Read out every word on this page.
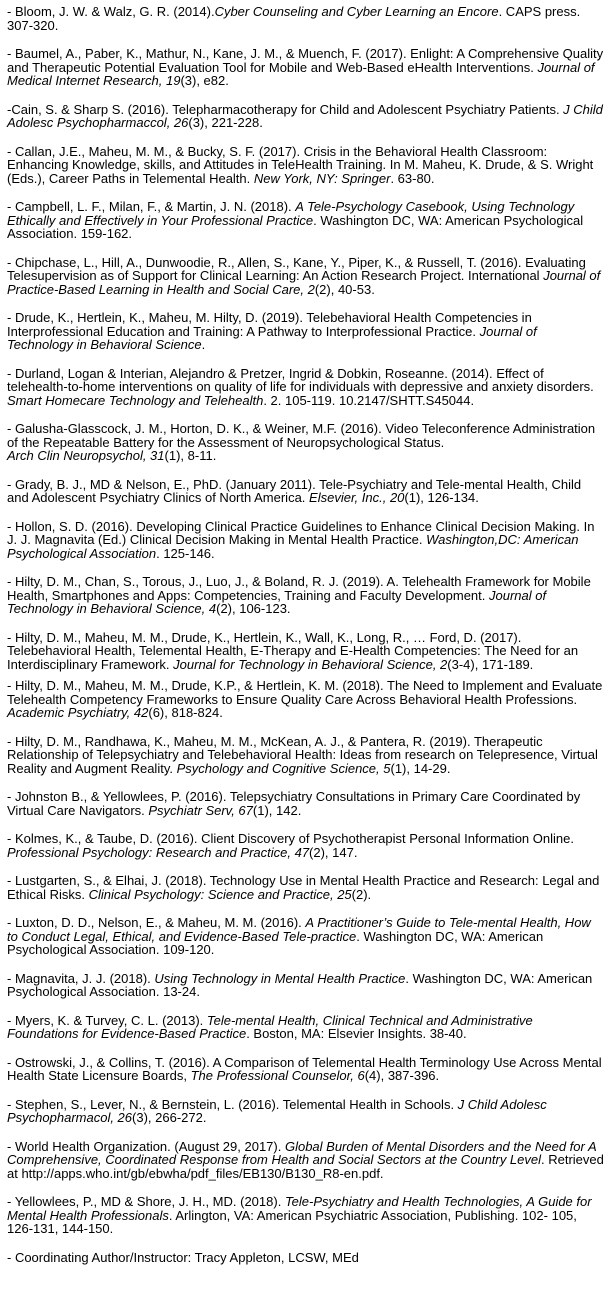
- Bloom, J. W. & Walz, G. R. (2014).Cyber Counseling and Cyber Learning an Encore. CAPS press. 307-320.

- Baumel, A., Paber, K., Mathur, N., Kane, J. M., & Muench, F. (2017). Enlight: A Comprehensive Quality and Therapeutic Potential Evaluation Tool for Mobile and Web-Based eHealth Interventions. Journal of Medical Internet Research, 19(3), e82.

-Cain, S. & Sharp S. (2016). Telepharmacotherapy for Child and Adolescent Psychiatry Patients. J Child Adolesc Psychopharmaccol, 26(3), 221-228.

- Callan, J.E., Maheu, M. M., & Bucky, S. F. (2017). Crisis in the Behavioral Health Classroom: Enhancing Knowledge, skills, and Attitudes in TeleHealth Training. In M. Maheu, K. Drude, & S. Wright (Eds.), Career Paths in Telemental Health. New York, NY: Springer. 63-80.

- Campbell, L. F., Milan, F., & Martin, J. N. (2018). A Tele-Psychology Casebook, Using Technology Ethically and Effectively in Your Professional Practice. Washington DC, WA: American Psychological Association. 159-162.

- Chipchase, L., Hill, A., Dunwoodie, R., Allen, S., Kane, Y., Piper, K., & Russell, T. (2016). Evaluating Telesupervision as of Support for Clinical Learning: An Action Research Project. International Journal of Practice-Based Learning in Health and Social Care, 2(2), 40-53.

- Drude, K., Hertlein, K., Maheu, M. Hilty, D. (2019). Telebehavioral Health Competencies in Interprofessional Education and Training: A Pathway to Interprofessional Practice. Journal of Technology in Behavioral Science.

- Durland, Logan & Interian, Alejandro & Pretzer, Ingrid & Dobkin, Roseanne. (2014). Effect of telehealth-to-home interventions on quality of life for individuals with depressive and anxiety disorders. Smart Homecare Technology and Telehealth. 2. 105-119. 10.2147/SHTT.S45044.

- Galusha-Glasscock, J. M., Horton, D. K., & Weiner, M.F. (2016). Video Teleconference Administration of the Repeatable Battery for the Assessment of Neuropsychological Status.
Arch Clin Neuropsychol, 31(1), 8-11.

- Grady, B. J., MD & Nelson, E., PhD. (January 2011). Tele-Psychiatry and Tele-mental Health, Child and Adolescent Psychiatry Clinics of North America. Elsevier, Inc., 20(1), 126-134.

- Hollon, S. D. (2016). Developing Clinical Practice Guidelines to Enhance Clinical Decision Making. In J. J. Magnavita (Ed.) Clinical Decision Making in Mental Health Practice. Washington,DC: American Psychological Association. 125-146.

- Hilty, D. M., Chan, S., Torous, J., Luo, J., & Boland, R. J. (2019). A. Telehealth Framework for Mobile Health, Smartphones and Apps: Competencies, Training and Faculty Development. Journal of Technology in Behavioral Science, 4(2), 106-123.

- Hilty, D. M., Maheu, M. M., Drude, K., Hertlein, K., Wall, K., Long, R., … Ford, D. (2017). Telebehavioral Health, Telemental Health, E-Therapy and E-Health Competencies: The Need for an Interdisciplinary Framework. Journal for Technology in Behavioral Science, 2(3-4), 171-189.

- Hilty, D. M., Maheu, M. M., Drude, K.P., & Hertlein, K. M. (2018). The Need to Implement and Evaluate Telehealth Competency Frameworks to Ensure Quality Care Across Behavioral Health Professions. Academic Psychiatry, 42(6), 818-824.

- Hilty, D. M., Randhawa, K., Maheu, M. M., McKean, A. J., & Pantera, R. (2019). Therapeutic Relationship of Telepsychiatry and Telebehavioral Health: Ideas from research on Telepresence, Virtual Reality and Augment Reality. Psychology and Cognitive Science, 5(1), 14-29.

- Johnston B., & Yellowlees, P. (2016). Telepsychiatry Consultations in Primary Care Coordinated by Virtual Care Navigators. Psychiatr Serv, 67(1), 142.

- Kolmes, K., & Taube, D. (2016). Client Discovery of Psychotherapist Personal Information Online. Professional Psychology: Research and Practice, 47(2), 147.

- Lustgarten, S., & Elhai, J. (2018). Technology Use in Mental Health Practice and Research: Legal and Ethical Risks. Clinical Psychology: Science and Practice, 25(2).

- Luxton, D. D., Nelson, E., & Maheu, M. M. (2016). A Practitioner’s Guide to Tele-mental Health, How to Conduct Legal, Ethical, and Evidence-Based Tele-practice. Washington DC, WA: American Psychological Association. 109-120.

- Magnavita, J. J. (2018). Using Technology in Mental Health Practice. Washington DC, WA: American Psychological Association. 13-24.

- Myers, K. & Turvey, C. L. (2013). Tele-mental Health, Clinical Technical and Administrative Foundations for Evidence-Based Practice. Boston, MA: Elsevier Insights. 38-40.

- Ostrowski, J., & Collins, T. (2016). A Comparison of Telemental Health Terminology Use Across Mental Health State Licensure Boards, The Professional Counselor, 6(4), 387-396.

- Stephen, S., Lever, N., & Bernstein, L. (2016). Telemental Health in Schools. J Child Adolesc Psychopharmacol, 26(3), 266-272.

- World Health Organization. (August 29, 2017). Global Burden of Mental Disorders and the Need for A Comprehensive, Coordinated Response from Health and Social Sectors at the Country Level. Retrieved at http://apps.who.int/gb/ebwha/pdf_files/EB130/B130_R8-en.pdf.

- Yellowlees, P., MD & Shore, J. H., MD. (2018). Tele-Psychiatry and Health Technologies, A Guide for Mental Health Professionals. Arlington, VA: American Psychiatric Association, Publishing. 102- 105, 126-131, 144-150.

- Coordinating Author/Instructor: Tracy Appleton, LCSW, MEd
